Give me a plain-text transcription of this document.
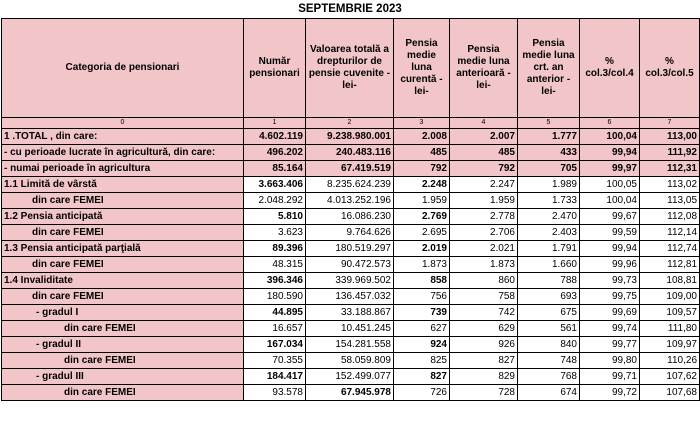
SEPTEMBRIE 2023
Categoria de pensionari	Număr pensionari	Valoarea totală a drepturilor de pensie cuvenite -lei-	Pensia medie luna curentă -lei-	Pensia medie luna anterioară - lei-	Pensia medie luna crt. an anterior -lei-	% col.3/col.4	% col.3/col.5
0	1	2	3	4	5	6	7
1 .TOTAL , din care:	4.602.119	9.238.980.001	2.008	2.007	1.777	100,04	113,00
- cu perioade lucrate în agricultură, din care:	496.202	240.483.116	485	485	433	99,94	111,92
- numai perioade în agricultura	85.164	67.419.519	792	792	705	99,97	112,31
1.1 Limită de vârstă	3.663.406	8.235.624.239	2.248	2.247	1.989	100,05	113,02
din care FEMEI	2.048.292	4.013.252.196	1.959	1.959	1.733	100,04	113,05
1.2 Pensia anticipată	5.810	16.086.230	2.769	2.778	2.470	99,67	112,08
din care FEMEI	3.623	9.764.626	2.695	2.706	2.403	99,59	112,14
1.3 Pensia anticipată parţială	89.396	180.519.297	2.019	2.021	1.791	99,94	112,74
din care FEMEI	48.315	90.472.573	1.873	1.873	1.660	99,96	112,81
1.4 Invaliditate	396.346	339.969.502	858	860	788	99,73	108,81
din care FEMEI	180.590	136.457.032	756	758	693	99,75	109,00
- gradul I	44.895	33.188.867	739	742	675	99,69	109,57
din care FEMEI	16.657	10.451.245	627	629	561	99,74	111,80
- gradul II	167.034	154.281.558	924	926	840	99,77	109,97
din care FEMEI	70.355	58.059.809	825	827	748	99,80	110,26
- gradul III	184.417	152.499.077	827	829	768	99,71	107,62
din care FEMEI	93.578	67.945.978	726	728	674	99,72	107,68
